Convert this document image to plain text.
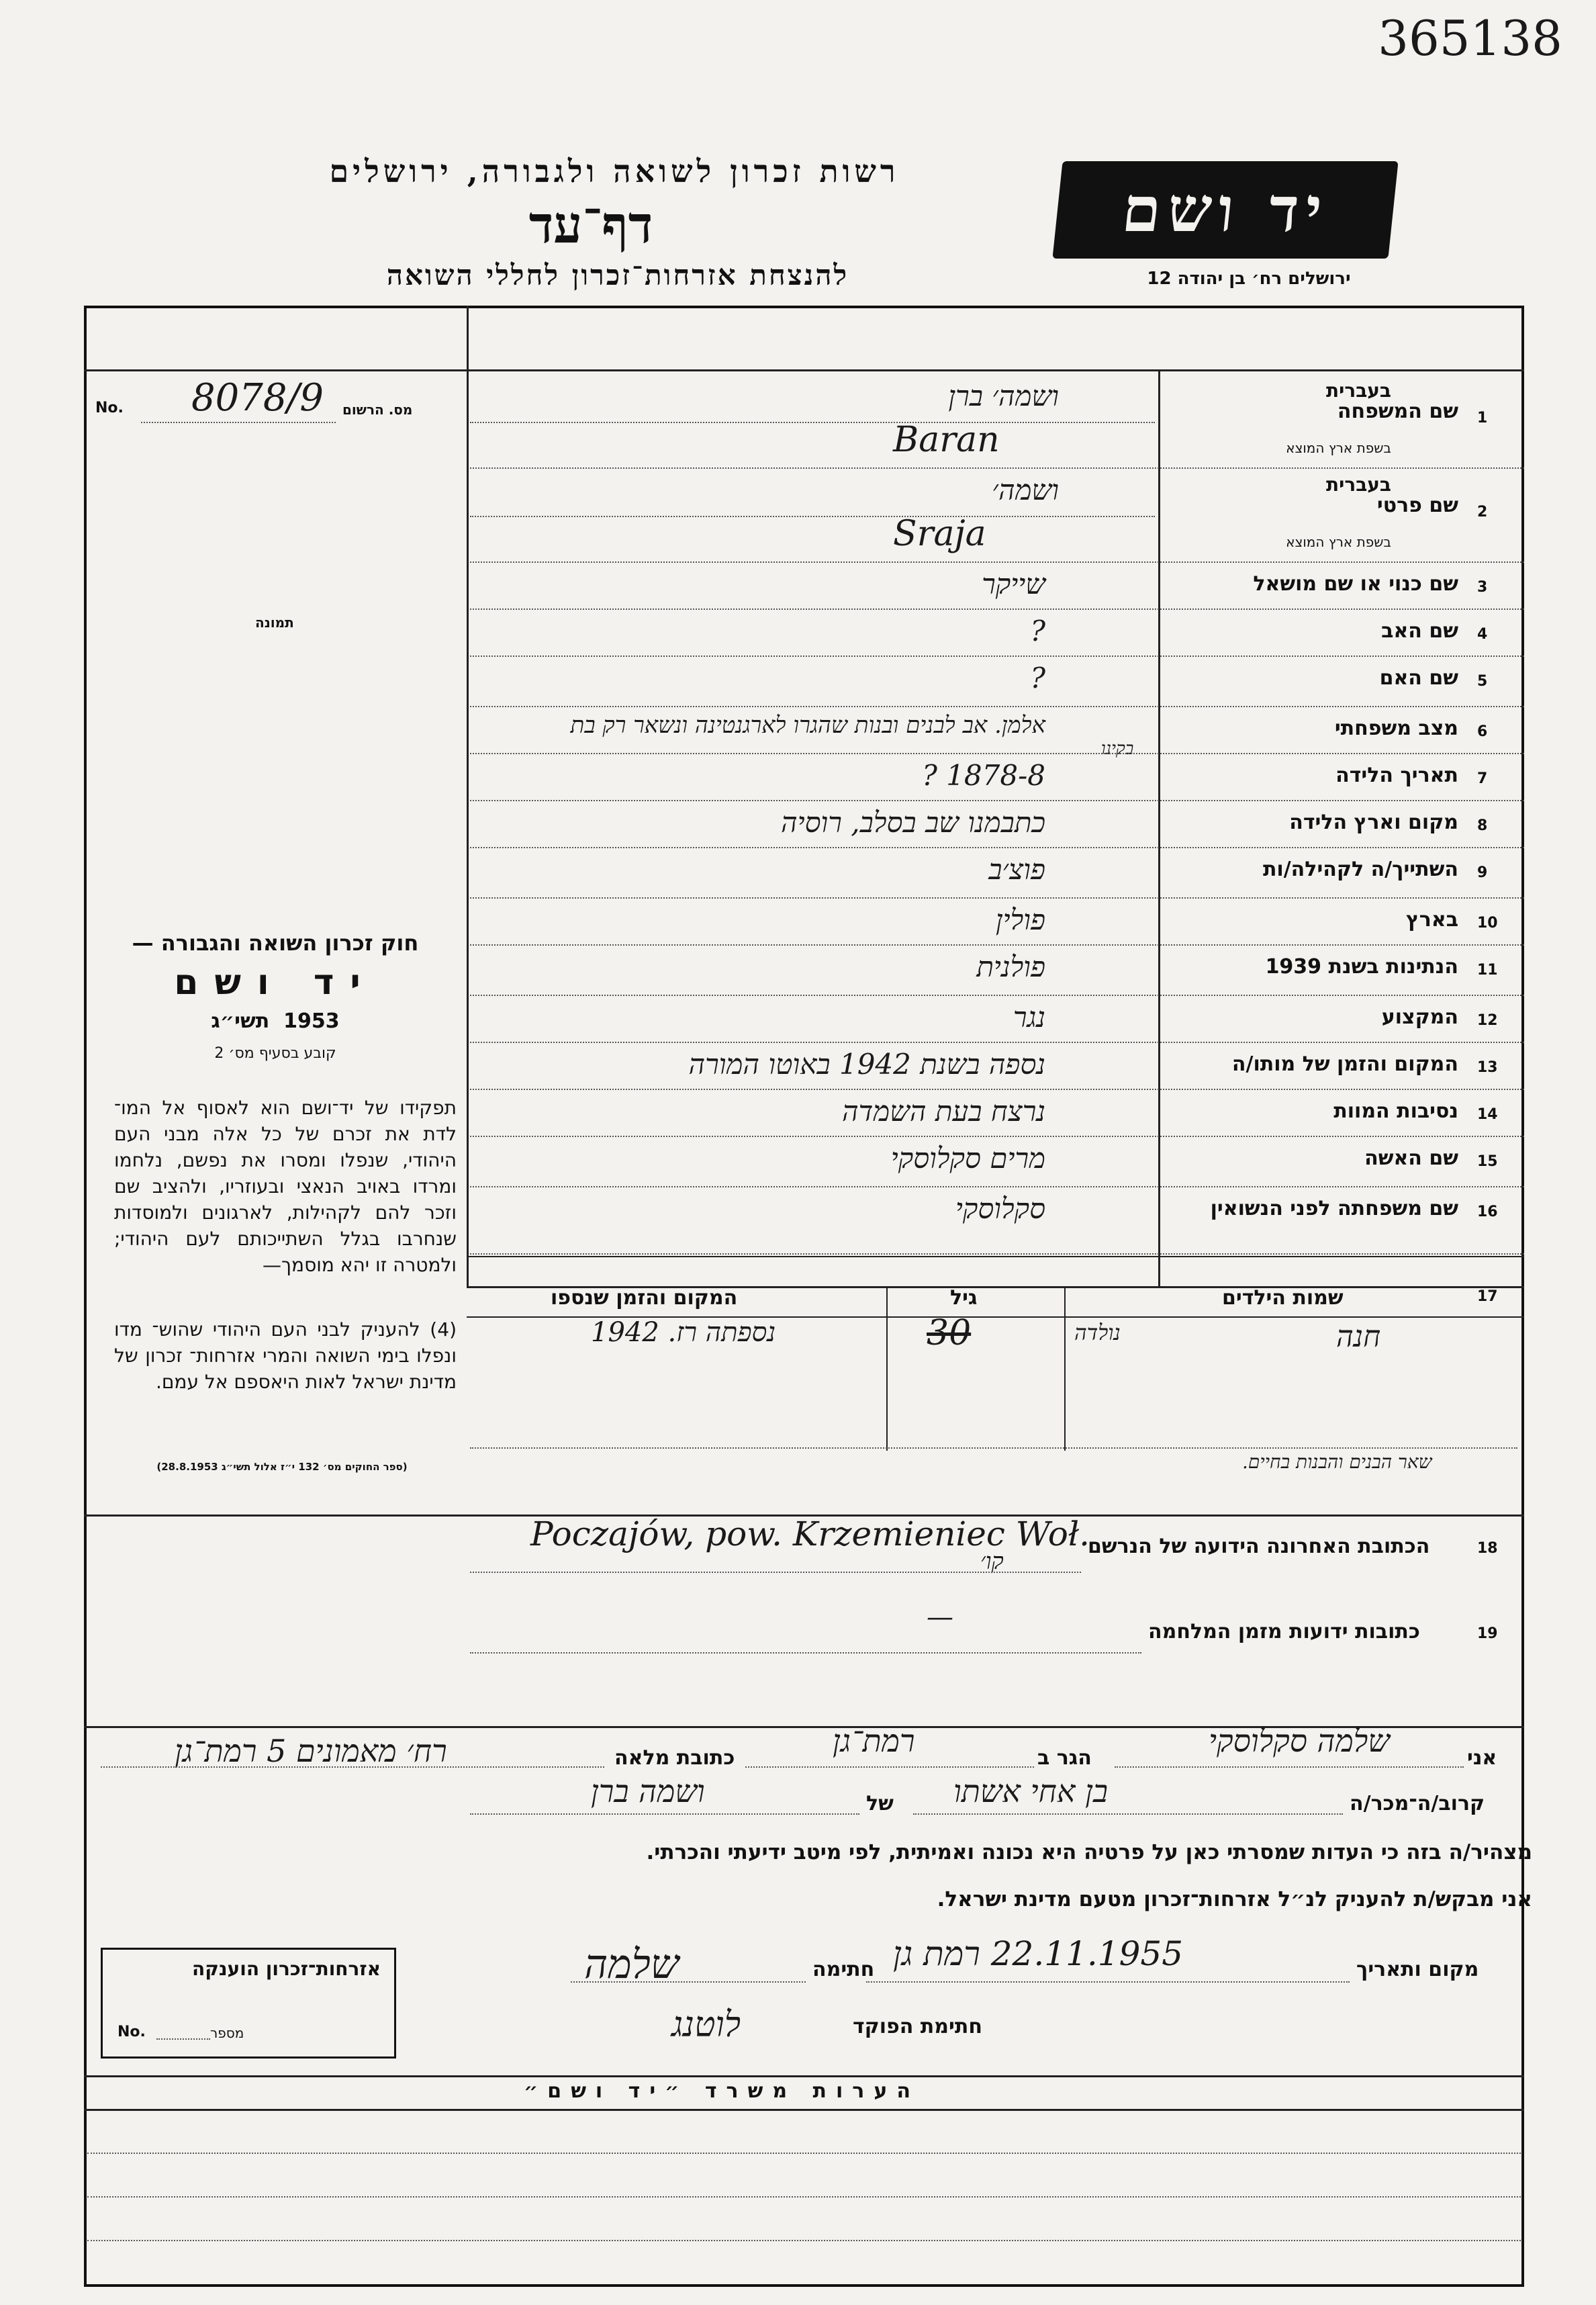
365138
רשות זכרון לשואה ולגבורה, ירושלים
דף־עד
להנצחת אזרחות־זכרון לחללי השואה
יד ושם
ירושלים רח׳ בן יהודה 12
No. 8078/9 מס. הרשום
תמונה

חוק זכרון השואה והגבורה —

יד ושם

1953  תשי״ג

קובע בסעיף מס׳ 2

תפקידו של יד־ושם הוא לאסוף אל המו־ לדת את זכרם של כל אלה מבני העם היהודי, שנפלו ומסרו את נפשם, נלחמו ומרדו באויב הנאצי ובעוזריו, ולהציב שם וזכר להם לקהילות, לארגונים ולמוסדות שנחרבו בגלל השתייכותם לעם היהודי; ולמטרה זו יהא מוסמך—
(4) להעניק לבני העם היהודי שהוש־ מדו ונפלו בימי השואה והמרי אזרחות־ זכרון של מדינת ישראל לאות היאספם אל עמם.
(ספר החוקים מס׳ 132 י״ז אלול תשי״ג 28.8.1953)
1
שם המשפחה
בעברית
בשפת ארץ המוצא
ושמה׳ ברן
Baran
2
שם פרטי
בעברית
בשפת ארץ המוצא
ושמה׳
Sraja
3
שם כנוי או שם מושאל
שייקר
4
שם האב
?
5
שם האם
?
6
מצב משפחתי
אלמן. אב לבנים ובנות שהגרו לארגנטינה ונשאר רק בת
בקינו
7
תאריך הלידה
1878-8 ?
8
מקום וארץ הלידה
כתבמנו שב בסלב, רוסיה
9
השתייך/ה לקהילה/ות
פוצ׳ב
10
בארץ
פולין
11
הנתינות בשנת 1939
פולנית
12
המקצוע
נגר
13
המקום והזמן של מותו/ה
נספה בשנת 1942 באוטו המורה
14
נסיבות המוות
נרצח בעת השמדה
15
שם האשה
מרים סקלוסקי
16
שם משפחתה לפני הנשואין
סקלוסקי
17
שמות הילדים
גיל
המקום והזמן שנספו
חנה
נולדה
30
נספתה רז. 1942
שאר הבנים והבנות בחיים.
18
הכתובת האחרונה הידועה של הנרשם
Poczajów, pow. Krzemieniec Woł.
קו׳
19
כתובות ידועות מזמן המלחמה
—
אני
שלמה סקלוסקי
הגר ב
רמת־גן
כתובת מלאה
רח׳ מאמונים 5 רמת־גן
קרוב/ה־מכר/ה
בן אחי אשתו
של
ושמה ברן
מצהיר/ה בזה כי העדות שמסרתי כאן על פרטיה היא נכונה ואמיתית, לפי מיטב ידיעתי והכרתי.
אני מבקש/ת להעניק לנ״ל אזרחות־זכרון מטעם מדינת ישראל.
מקום ותאריך
22.11.1955 רמת גן
חתימה
שלמה
חתימת הפוקד
לוטנג
אזרחות־זכרון הוענקה
No.	מספר
הערות משרד ״יד ושם״
